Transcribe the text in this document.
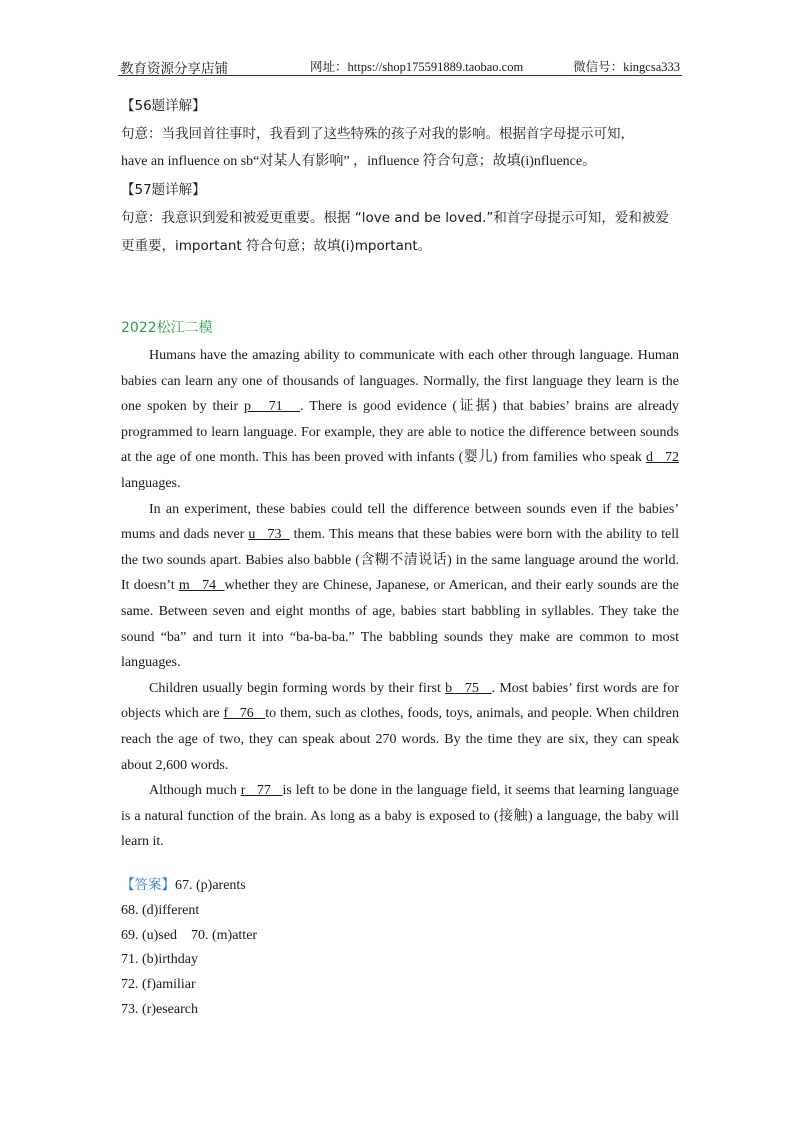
教育资源分享店铺	网址：https://shop175591889.taobao.com	微信号：kingcsa333
【56题详解】
句意：当我回首往事时，我看到了这些特殊的孩子对我的影响。根据首字母提示可知，
have an influence on sb“对某人有影响” ，influence 符合句意；故填(i)nfluence。
【57题详解】
句意：我意识到爱和被爱更重要。根据 “love and be loved.”和首字母提示可知，爱和被爱
更重要，important 符合句意；故填(i)mportant。
2022松江二模

Humans have the amazing ability to communicate with each other through language. Human babies can learn any one of thousands of languages. Normally, the first language they learn is the one spoken by their p   71   . There is good evidence (证据) that babies’ brains are already programmed to learn language. For example, they are able to notice the difference between sounds at the age of one month. This has been proved with infants (婴儿) from families who speak d   72 languages.

In an experiment, these babies could tell the difference between sounds even if the babies’ mums and dads never u   73   them. This means that these babies were born with the ability to tell the two sounds apart. Babies also babble (含糊不清说话) in the same language around the world. It doesn’t m   74  whether they are Chinese, Japanese, or American, and their early sounds are the same. Between seven and eight months of age, babies start babbling in syllables. They take the sound “ba” and turn it into “ba-ba-ba.” The babbling sounds they make are common to most languages.

Children usually begin forming words by their first b   75   . Most babies’ first words are for objects which are f   76   to them, such as clothes, foods, toys, animals, and people. When children reach the age of two, they can speak about 270 words. By the time they are six, they can speak about 2,600 words.

Although much r   77   is left to be done in the language field, it seems that learning language is a natural function of the brain. As long as a baby is exposed to (接触) a language, the baby will learn it.

【答案】67. (p)arents
68. (d)ifferent
69. (u)sed    70. (m)atter
71. (b)irthday
72. (f)amiliar
73. (r)esearch
